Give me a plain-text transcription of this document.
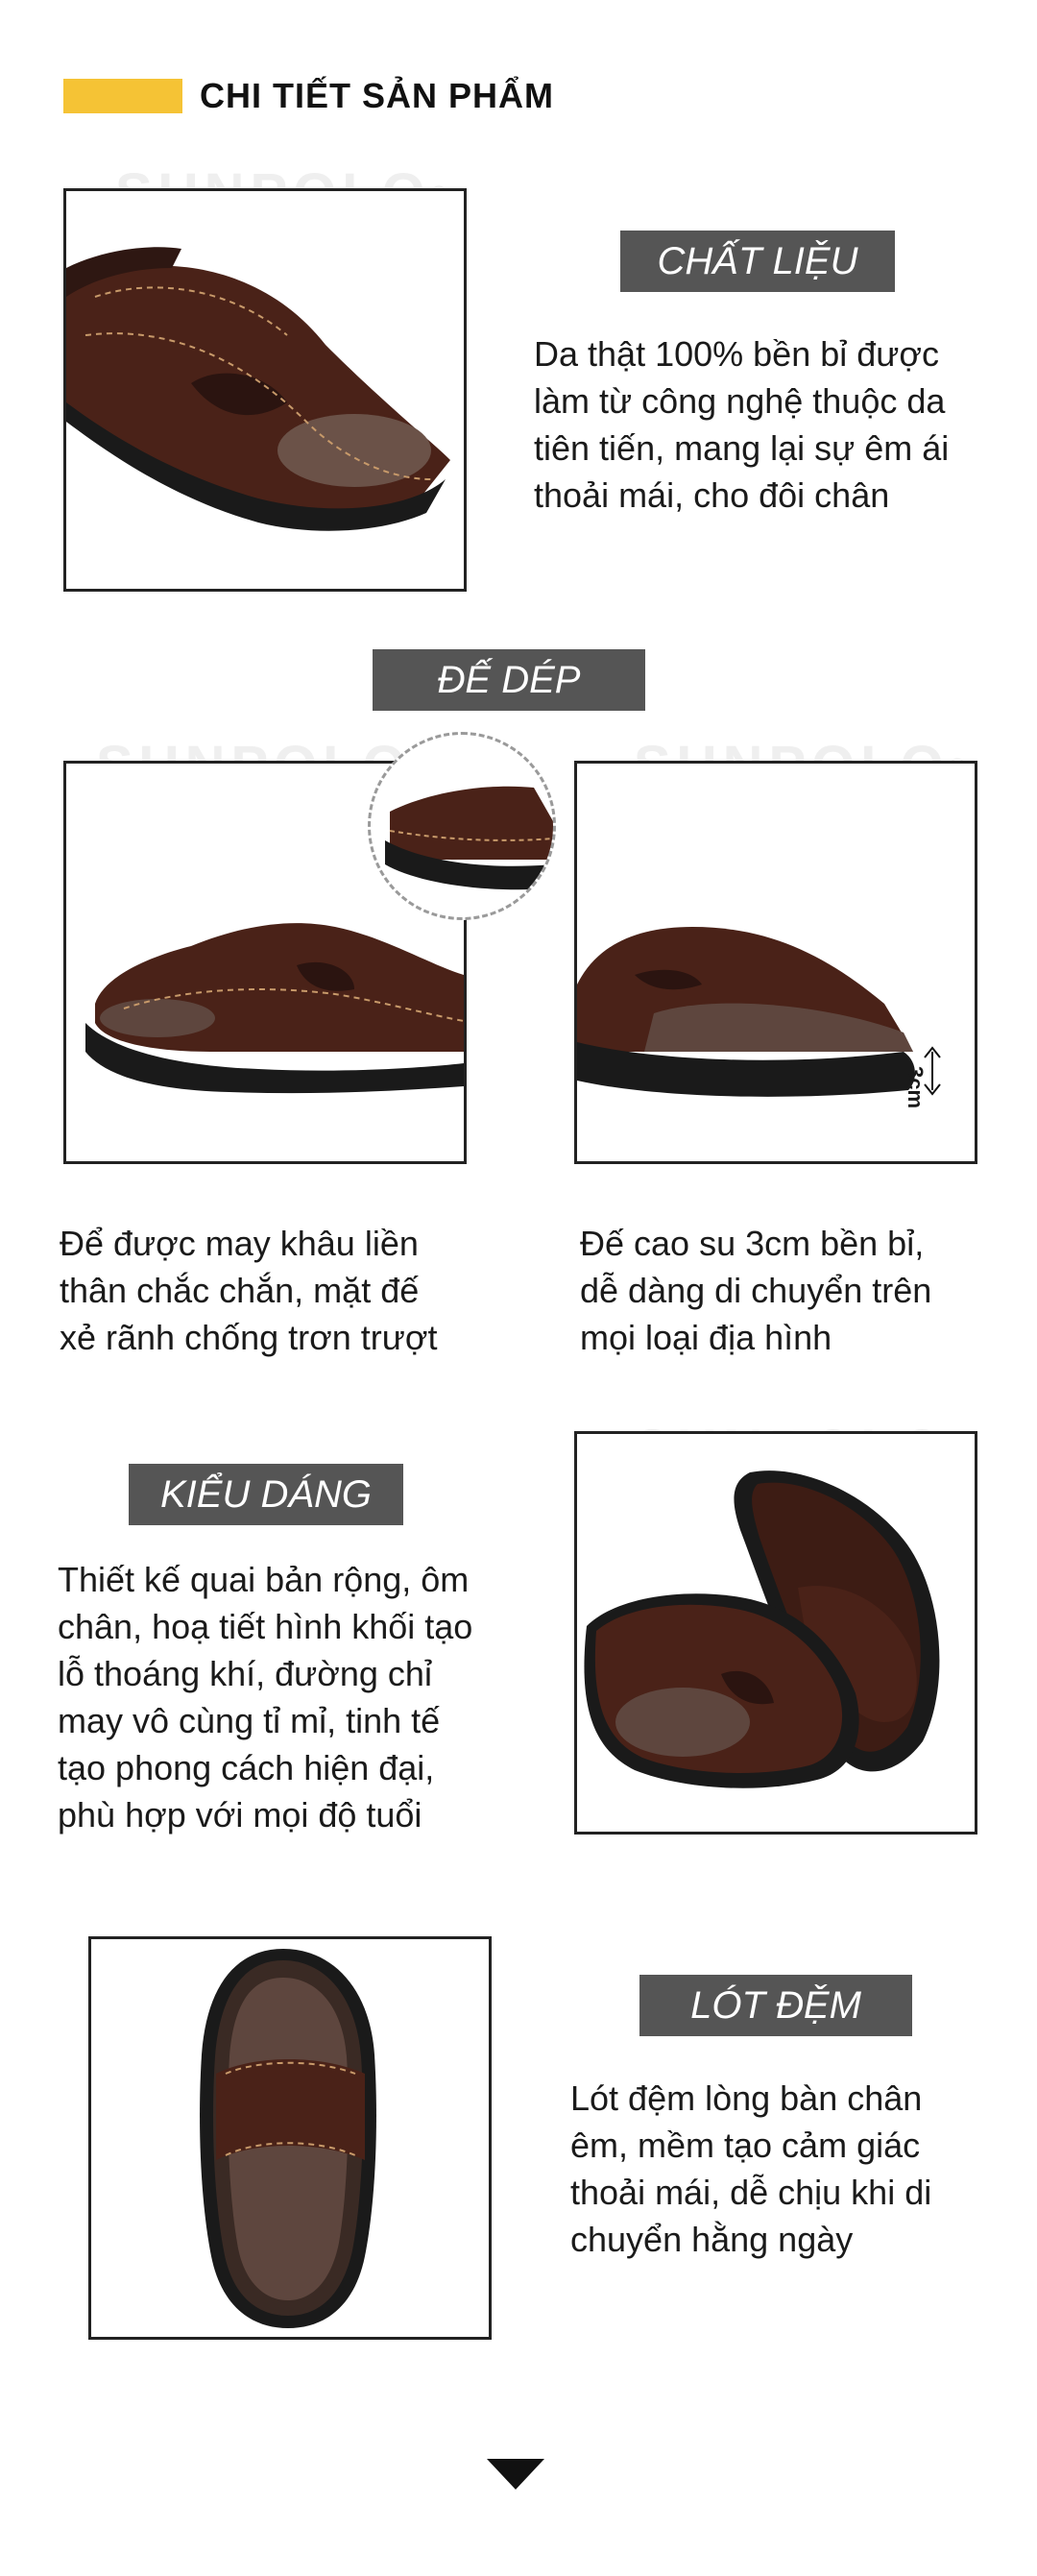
CHI TIẾT SẢN PHẨM
CHẤT LIỆU
Da thật 100% bền bỉ được
làm từ công nghệ thuộc da
tiên tiến, mang lại sự êm ái
thoải mái, cho đôi chân
ĐẾ DÉP
3cm
Để được may khâu liền
thân chắc chắn, mặt đế
xẻ rãnh chống trơn trượt
Đế cao su 3cm bền bỉ,
dễ dàng di chuyển trên
mọi loại địa hình
KIỂU DÁNG
Thiết kế quai bản rộng, ôm
chân, hoạ tiết hình khối tạo
lỗ thoáng khí, đường chỉ
may vô cùng tỉ mỉ, tinh tế
tạo phong cách hiện đại,
phù hợp với mọi độ tuổi
LÓT ĐỆM
Lót đệm lòng bàn chân
êm, mềm tạo cảm giác
thoải mái, dễ chịu khi di
chuyển hằng ngày
